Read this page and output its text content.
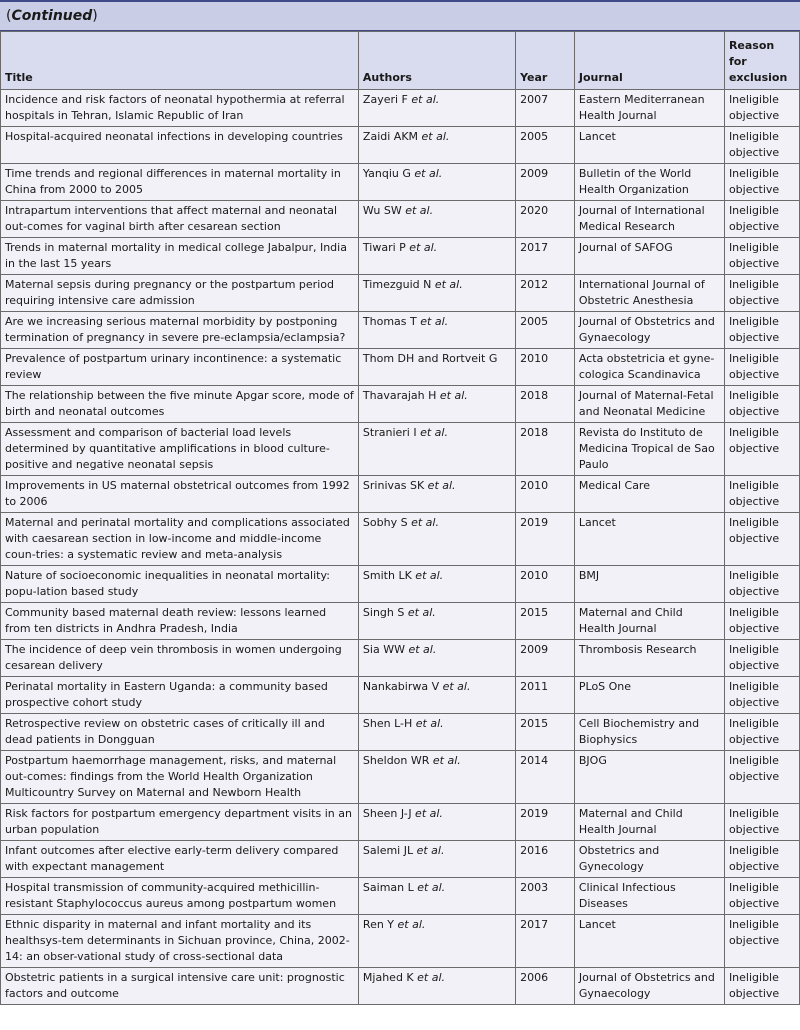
(Continued)
Title	Authors	Year	Journal	Reason for exclusion
Incidence and risk factors of neonatal hypothermia at referral hospitals in Tehran, Islamic Republic of Iran	Zayeri F et al.	2007	Eastern Mediterranean Health Journal	Ineligible objective
Hospital-acquired neonatal infections in developing countries	Zaidi AKM et al.	2005	Lancet	Ineligible objective
Time trends and regional differences in maternal mortality in China from 2000 to 2005	Yanqiu G et al.	2009	Bulletin of the World Health Organization	Ineligible objective
Intrapartum interventions that affect maternal and neonatal out-comes for vaginal birth after cesarean section	Wu SW et al.	2020	Journal of International Medical Research	Ineligible objective
Trends in maternal mortality in medical college Jabalpur, India in the last 15 years	Tiwari P et al.	2017	Journal of SAFOG	Ineligible objective
Maternal sepsis during pregnancy or the postpartum period requiring intensive care admission	Timezguid N et al.	2012	International Journal of Obstetric Anesthesia	Ineligible objective
Are we increasing serious maternal morbidity by postponing termination of pregnancy in severe pre-eclampsia/eclampsia?	Thomas T et al.	2005	Journal of Obstetrics and Gynaecology	Ineligible objective
Prevalence of postpartum urinary incontinence: a systematic review	Thom DH and Rortveit G	2010	Acta obstetricia et gyne-cologica Scandinavica	Ineligible objective
The relationship between the five minute Apgar score, mode of birth and neonatal outcomes	Thavarajah H et al.	2018	Journal of Maternal-Fetal and Neonatal Medicine	Ineligible objective
Assessment and comparison of bacterial load levels determined by quantitative amplifications in blood culture-positive and negative neonatal sepsis	Stranieri I et al.	2018	Revista do Instituto de Medicina Tropical de Sao Paulo	Ineligible objective
Improvements in US maternal obstetrical outcomes from 1992 to 2006	Srinivas SK et al.	2010	Medical Care	Ineligible objective
Maternal and perinatal mortality and complications associated with caesarean section in low-income and middle-income coun-tries: a systematic review and meta-analysis	Sobhy S et al.	2019	Lancet	Ineligible objective
Nature of socioeconomic inequalities in neonatal mortality: popu-lation based study	Smith LK et al.	2010	BMJ	Ineligible objective
Community based maternal death review: lessons learned from ten districts in Andhra Pradesh, India	Singh S et al.	2015	Maternal and Child Health Journal	Ineligible objective
The incidence of deep vein thrombosis in women undergoing cesarean delivery	Sia WW et al.	2009	Thrombosis Research	Ineligible objective
Perinatal mortality in Eastern Uganda: a community based prospective cohort study	Nankabirwa V et al.	2011	PLoS One	Ineligible objective
Retrospective review on obstetric cases of critically ill and dead patients in Dongguan	Shen L-H et al.	2015	Cell Biochemistry and Biophysics	Ineligible objective
Postpartum haemorrhage management, risks, and maternal out-comes: findings from the World Health Organization Multicountry Survey on Maternal and Newborn Health	Sheldon WR et al.	2014	BJOG	Ineligible objective
Risk factors for postpartum emergency department visits in an urban population	Sheen J-J et al.	2019	Maternal and Child Health Journal	Ineligible objective
Infant outcomes after elective early-term delivery compared with expectant management	Salemi JL et al.	2016	Obstetrics and Gynecology	Ineligible objective
Hospital transmission of community-acquired methicillin-resistant Staphylococcus aureus among postpartum women	Saiman L et al.	2003	Clinical Infectious Diseases	Ineligible objective
Ethnic disparity in maternal and infant mortality and its healthsys-tem determinants in Sichuan province, China, 2002-14: an obser-vational study of cross-sectional data	Ren Y et al.	2017	Lancet	Ineligible objective
Obstetric patients in a surgical intensive care unit: prognostic factors and outcome	Mjahed K et al.	2006	Journal of Obstetrics and Gynaecology	Ineligible objective
